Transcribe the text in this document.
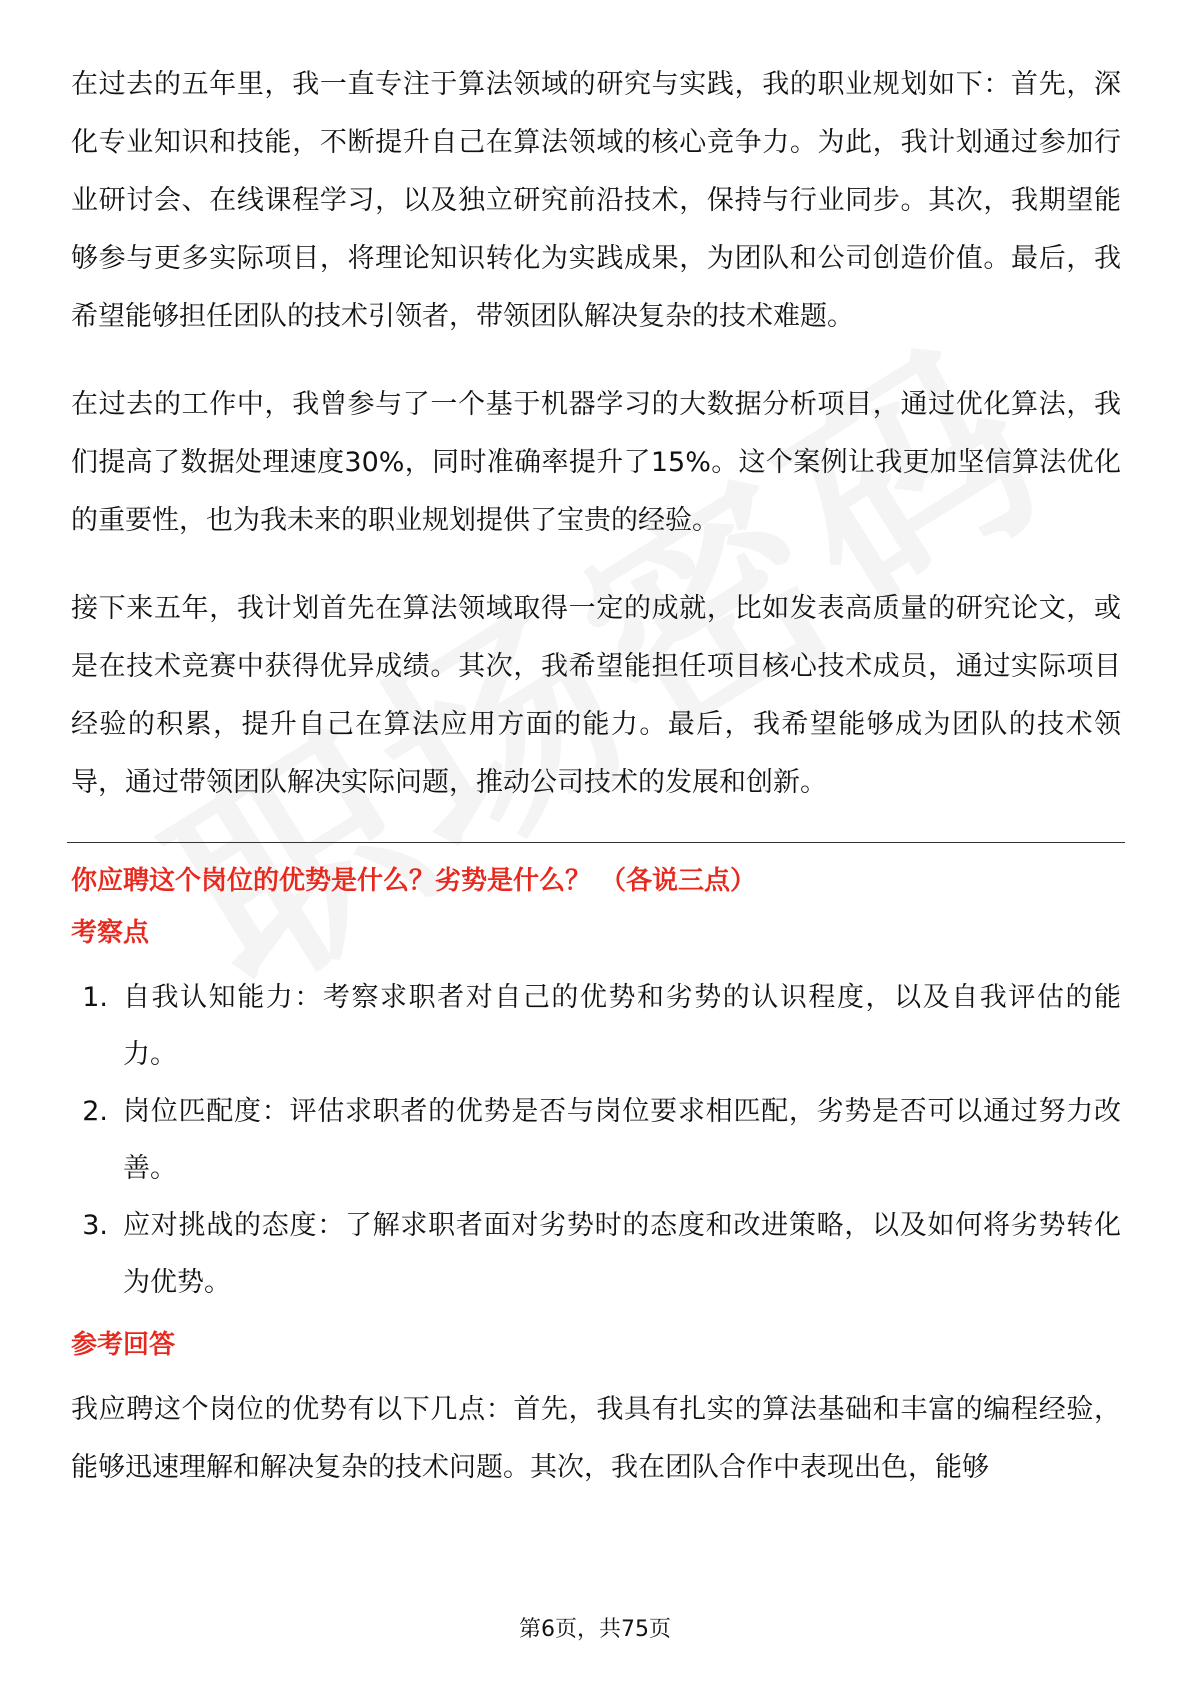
在过去的五年里，我一直专注于算法领域的研究与实践，我的职业规划如下：首先，深化专业知识和技能，不断提升自己在算法领域的核心竞争力。为此，我计划通过参加行业研讨会、在线课程学习，以及独立研究前沿技术，保持与行业同步。其次，我期望能够参与更多实际项目，将理论知识转化为实践成果，为团队和公司创造价值。最后，我希望能够担任团队的技术引领者，带领团队解决复杂的技术难题。

在过去的工作中，我曾参与了一个基于机器学习的大数据分析项目，通过优化算法，我们提高了数据处理速度30%，同时准确率提升了15%。这个案例让我更加坚信算法优化的重要性，也为我未来的职业规划提供了宝贵的经验。

接下来五年，我计划首先在算法领域取得一定的成就，比如发表高质量的研究论文，或是在技术竞赛中获得优异成绩。其次，我希望能担任项目核心技术成员，通过实际项目经验的积累，提升自己在算法应用方面的能力。最后，我希望能够成为团队的技术领导，通过带领团队解决实际问题，推动公司技术的发展和创新。

你应聘这个岗位的优势是什么？劣势是什么？ （各说三点）
考察点
1. 自我认知能力：考察求职者对自己的优势和劣势的认识程度，以及自我评估的能力。
2. 岗位匹配度：评估求职者的优势是否与岗位要求相匹配，劣势是否可以通过努力改善。
3. 应对挑战的态度：了解求职者面对劣势时的态度和改进策略，以及如何将劣势转化为优势。
参考回答

我应聘这个岗位的优势有以下几点：首先，我具有扎实的算法基础和丰富的编程经验，能够迅速理解和解决复杂的技术问题。其次，我在团队合作中表现出色，能够

第6页，共75页
